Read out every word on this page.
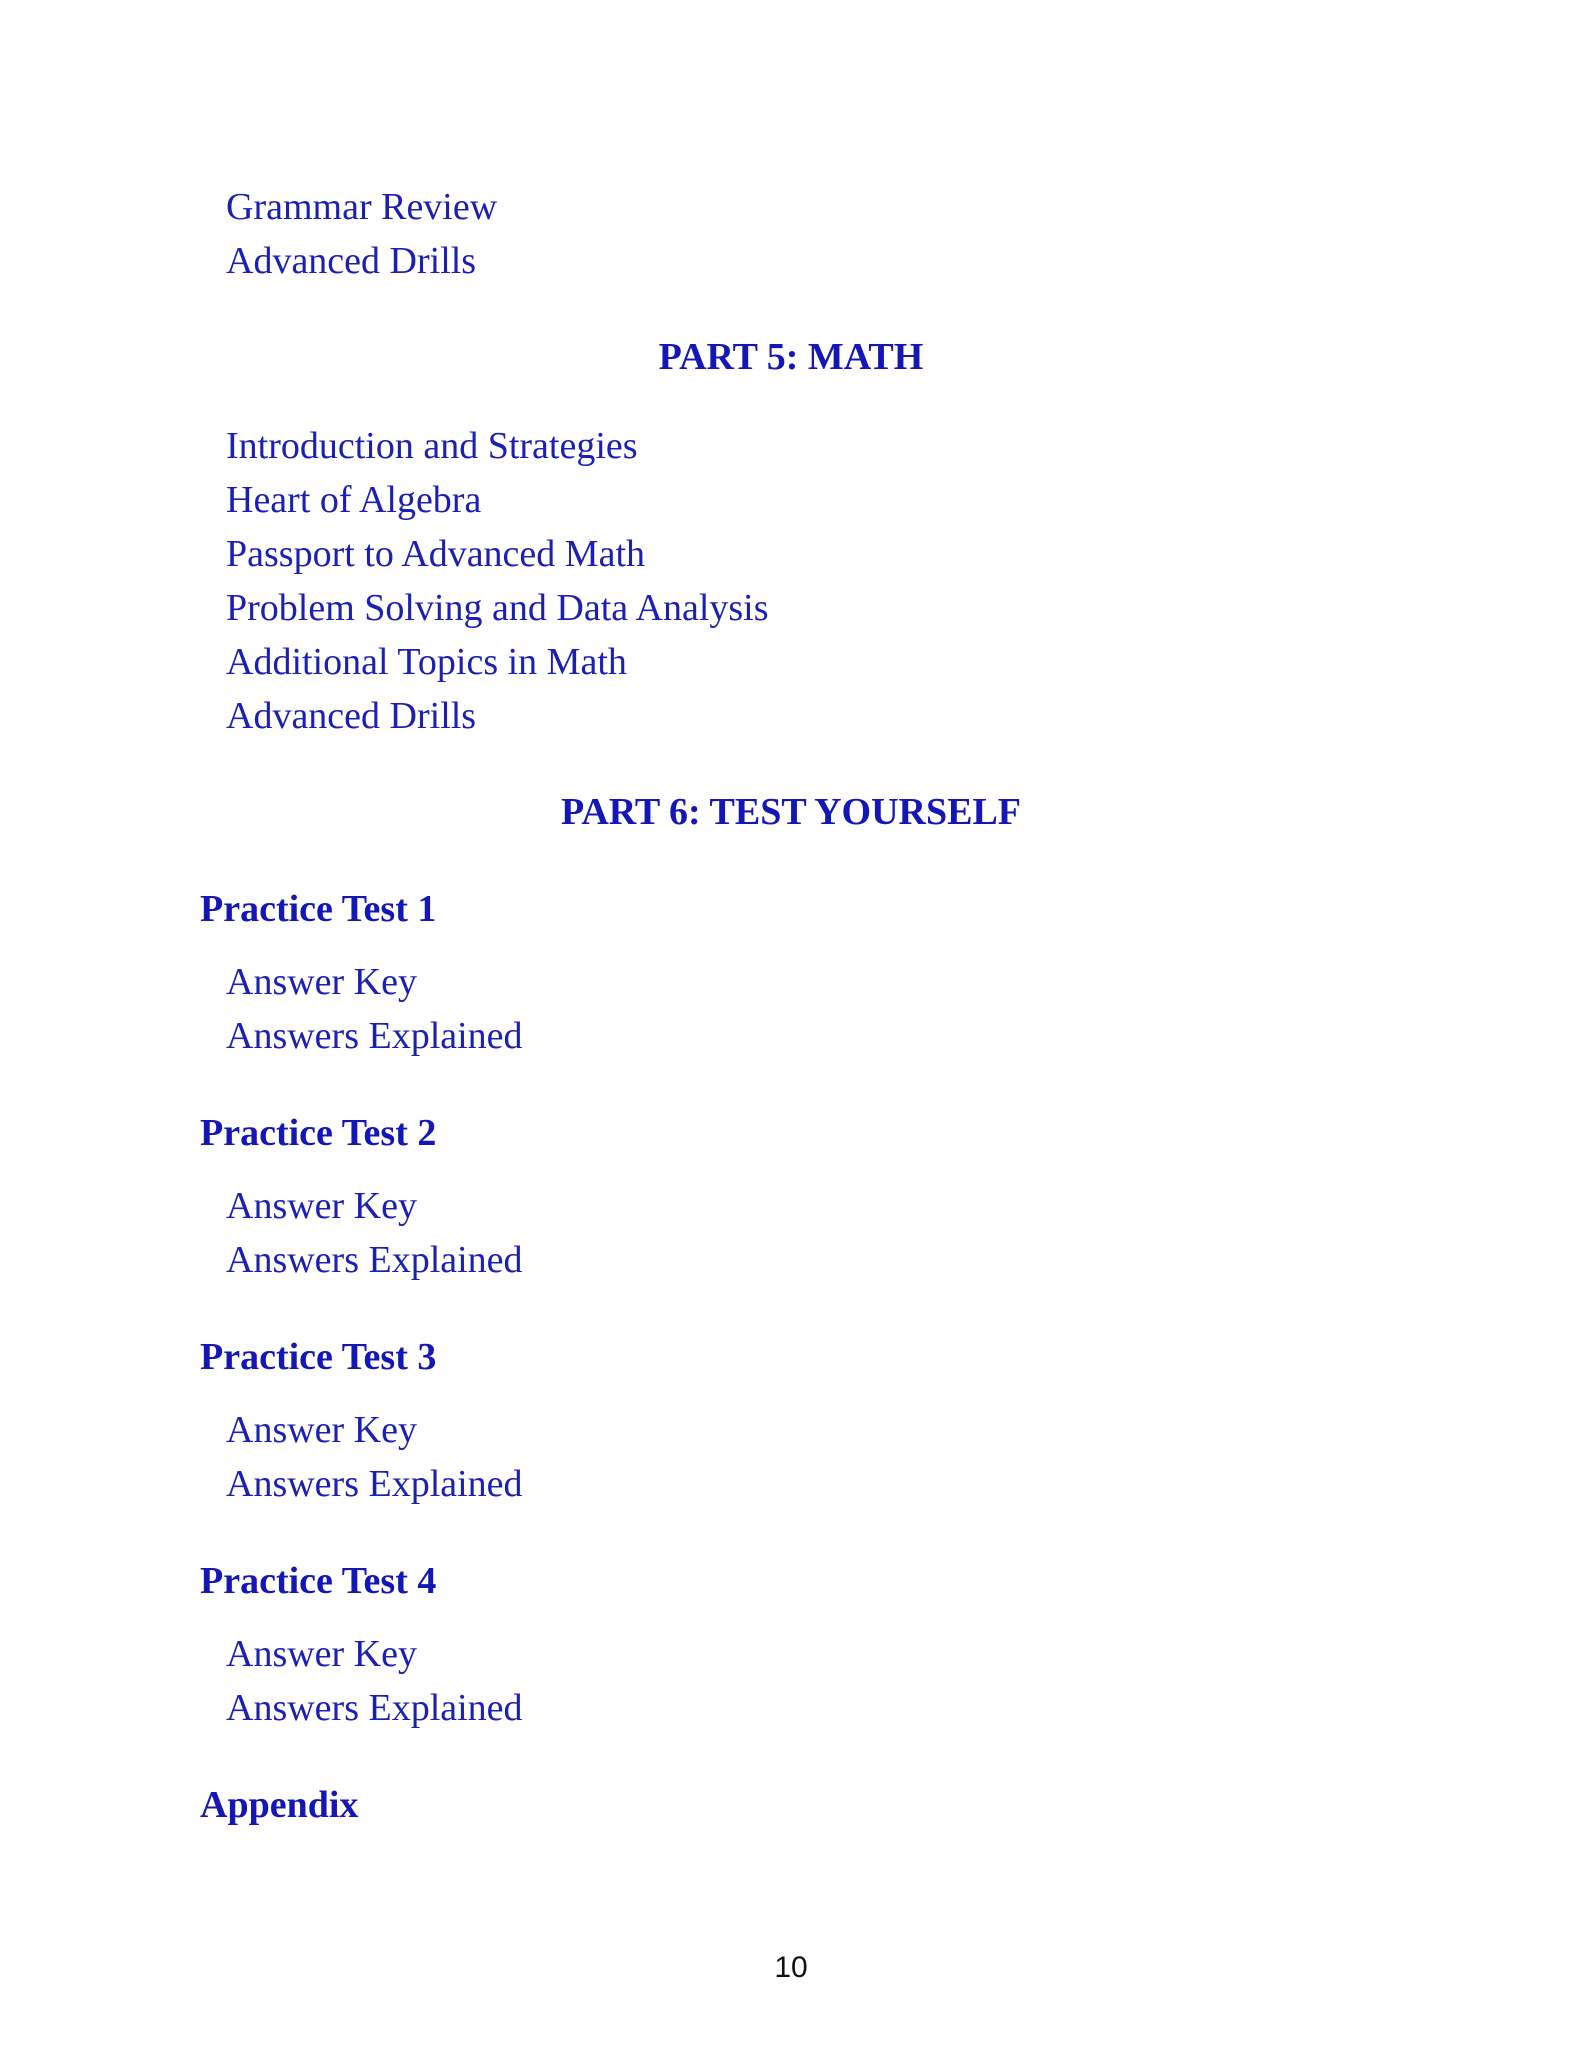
Grammar Review
Advanced Drills
PART 5: MATH
Introduction and Strategies
Heart of Algebra
Passport to Advanced Math
Problem Solving and Data Analysis
Additional Topics in Math
Advanced Drills
PART 6: TEST YOURSELF
Practice Test 1
Answer Key
Answers Explained
Practice Test 2
Answer Key
Answers Explained
Practice Test 3
Answer Key
Answers Explained
Practice Test 4
Answer Key
Answers Explained
Appendix
10
